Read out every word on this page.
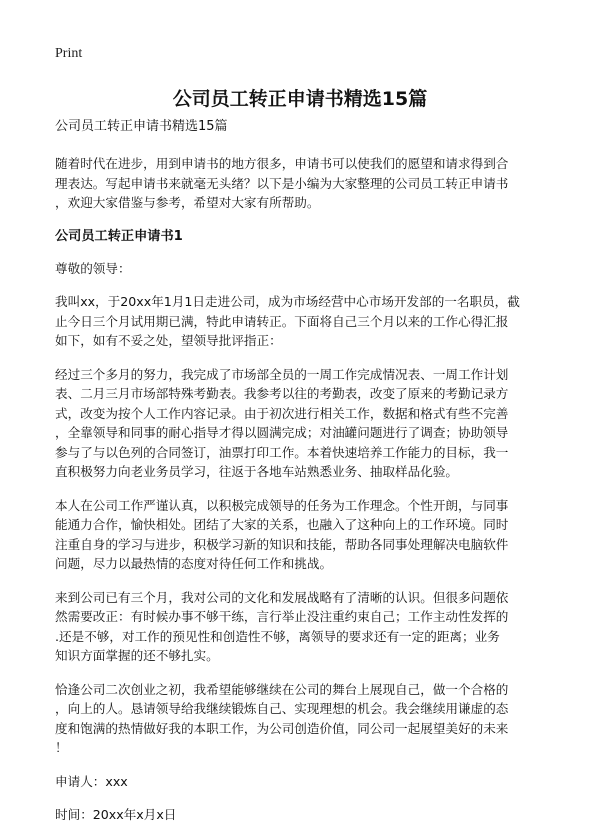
Print
公司员工转正申请书精选15篇
公司员工转正申请书精选15篇
随着时代在进步，用到申请书的地方很多，申请书可以使我们的愿望和请求得到合
理表达。写起申请书来就毫无头绪？以下是小编为大家整理的公司员工转正申请书
，欢迎大家借鉴与参考，希望对大家有所帮助。
公司员工转正申请书1
尊敬的领导：
我叫xx，于20xx年1月1日走进公司，成为市场经营中心市场开发部的一名职员，截
止今日三个月试用期已满，特此申请转正。下面将自己三个月以来的工作心得汇报
如下，如有不妥之处，望领导批评指正：
经过三个多月的努力，我完成了市场部全员的一周工作完成情况表、一周工作计划
表、二月三月市场部特殊考勤表。我参考以往的考勤表，改变了原来的考勤记录方
式，改变为按个人工作内容记录。由于初次进行相关工作，数据和格式有些不完善
，全靠领导和同事的耐心指导才得以圆满完成；对油罐问题进行了调查；协助领导
参与了与以色列的合同签订，油票打印工作。本着快速培养工作能力的目标，我一
直积极努力向老业务员学习，往返于各地车站熟悉业务、抽取样品化验。
本人在公司工作严谨认真，以积极完成领导的任务为工作理念。个性开朗，与同事
能通力合作，愉快相处。团结了大家的关系，也融入了这种向上的工作环境。同时
注重自身的学习与进步，积极学习新的知识和技能，帮助各同事处理解决电脑软件
问题，尽力以最热情的态度对待任何工作和挑战。
来到公司已有三个月，我对公司的文化和发展战略有了清晰的认识。但很多问题依
然需要改正：有时候办事不够干练，言行举止没注重约束自己；工作主动性发挥的
.还是不够，对工作的预见性和创造性不够，离领导的要求还有一定的距离；业务
知识方面掌握的还不够扎实。
恰逢公司二次创业之初，我希望能够继续在公司的舞台上展现自己，做一个合格的
，向上的人。恳请领导给我继续锻炼自己、实现理想的机会。我会继续用谦虚的态
度和饱满的热情做好我的本职工作，为公司创造价值，同公司一起展望美好的未来
！
申请人：xxx
时间：20xx年x月x日
